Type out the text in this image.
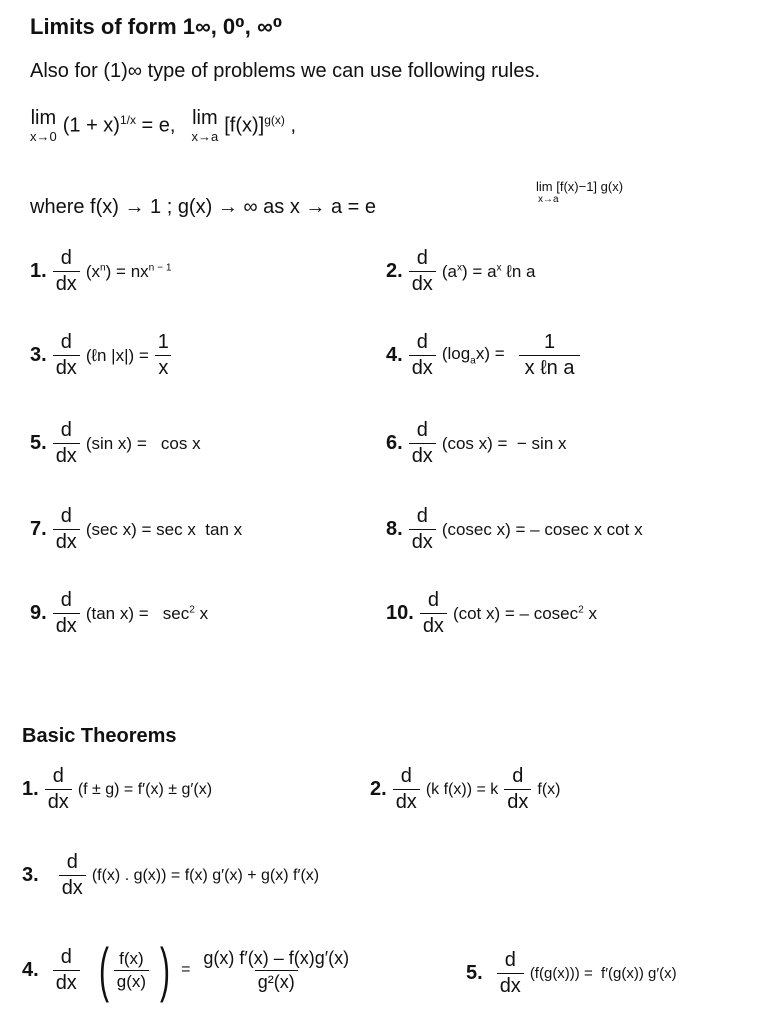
Limits of form 1∞, 0⁰, ∞⁰
Also for (1)∞ type of problems we can use following rules.
lim
x→0 $(1 + x)^{1/x} = e$, lim
x→a $[f(x)]^{g(x)}$ ,
where f(x) → 1 ; g(x) → ∞ as x → a = e
lim [f(x)−1] g(x)
x→a
1. $\frac{d}{dx} (x^n) = nx^{n - 1}$	2. $\frac{d}{dx} (a^x) = a^x$ ℓn a
3. $\frac{d}{dx}$ (ℓn $|x|) = \frac{1}{x}$	4. $\frac{d}{dx} (\log_ax) = \frac{1}{\text{x ℓn a}}$
5. $\frac{d}{dx} (\sin$ x) =   cos x	6. $\frac{d}{dx} (\cos$ x) =  − sin x
7. $\frac{d}{dx} (\sec$ x) = sec x  tan x	8. $\frac{d}{dx} (cosec$ x) = – cosec x cot x
9. $\frac{d}{dx} (\tan$ $x) = \sec^2 x$	10. $\frac{d}{dx} (\cot$ x) = – cosec$^2$ x
Basic Theorems
1. $\frac{d}{dx} (f \pm g) = f'(x) \pm g'(x)$	2. $\frac{d}{dx} (k$ f(x)) = k $\frac{d}{dx} f(x)$
3. $\frac{d}{dx} (f(x)$ . g(x)) = f(x) g′(x) + g(x) f′(x)
4. $\frac{d}{dx}$ ( $\frac{f(x)}{g(x)}$ ) = $\frac{g(x) f'(x) - f(x)g'(x)}{\text{g²(x)}}$	5. $\frac{d}{dx} (f(g(x))) = f'(g(x))$ g′(x)
